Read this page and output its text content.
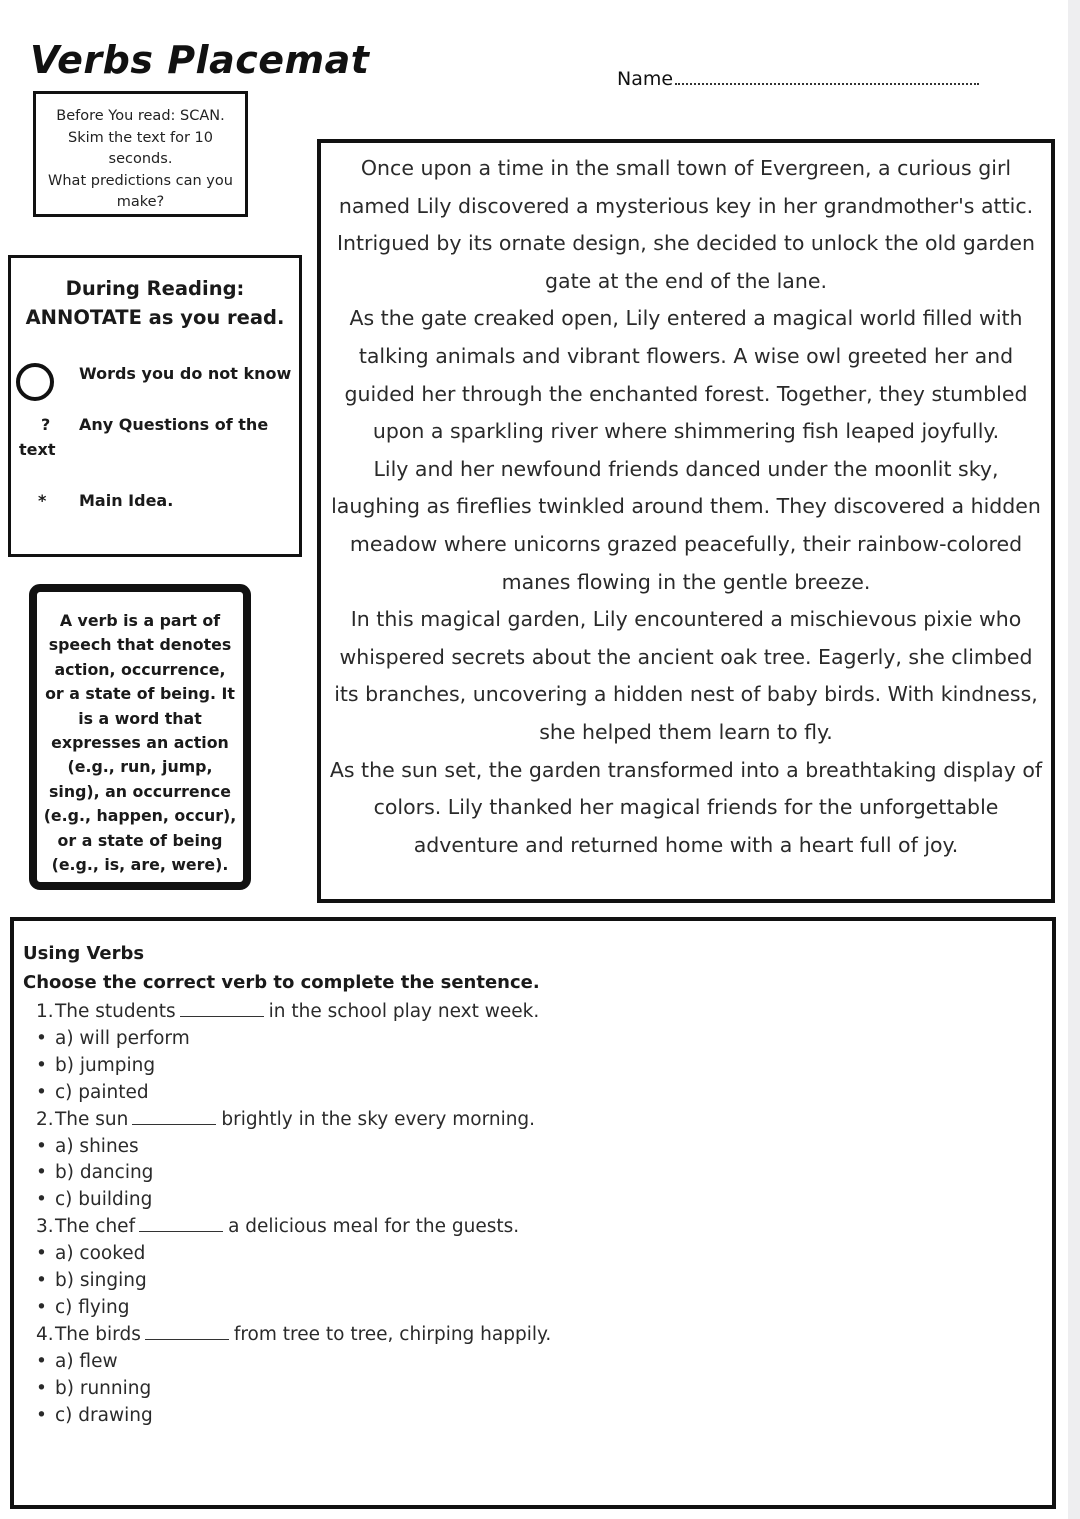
Verbs Placemat	Name
Before You read: SCAN.
Skim the text for 10
seconds.
What predictions can you
make?
During Reading:
ANNOTATE as you read.
Words you do not know
? Any Questions of the
text
* Main Idea.
A verb is a part of
speech that denotes
action, occurrence,
or a state of being. It
is a word that
expresses an action
(e.g., run, jump,
sing), an occurrence
(e.g., happen, occur),
or a state of being
(e.g., is, are, were).

Once upon a time in the small town of Evergreen, a curious girl

named Lily discovered a mysterious key in her grandmother's attic.

Intrigued by its ornate design, she decided to unlock the old garden

gate at the end of the lane.

As the gate creaked open, Lily entered a magical world filled with

talking animals and vibrant flowers. A wise owl greeted her and

guided her through the enchanted forest. Together, they stumbled

upon a sparkling river where shimmering fish leaped joyfully.

Lily and her newfound friends danced under the moonlit sky,

laughing as fireflies twinkled around them. They discovered a hidden

meadow where unicorns grazed peacefully, their rainbow-colored

manes flowing in the gentle breeze.

In this magical garden, Lily encountered a mischievous pixie who

whispered secrets about the ancient oak tree. Eagerly, she climbed

its branches, uncovering a hidden nest of baby birds. With kindness,

she helped them learn to fly.

As the sun set, the garden transformed into a breathtaking display of

colors. Lily thanked her magical friends for the unforgettable

adventure and returned home with a heart full of joy.

Using Verbs
Choose the correct verb to complete the sentence.
1. The students	in the school play next week.
• a) will perform
• b) jumping
• c) painted
2. The sun	brightly in the sky every morning.
• a) shines
• b) dancing
• c) building
3. The chef	a delicious meal for the guests.
• a) cooked
• b) singing
• c) flying
4. The birds	from tree to tree, chirping happily.
• a) flew
• b) running
• c) drawing
